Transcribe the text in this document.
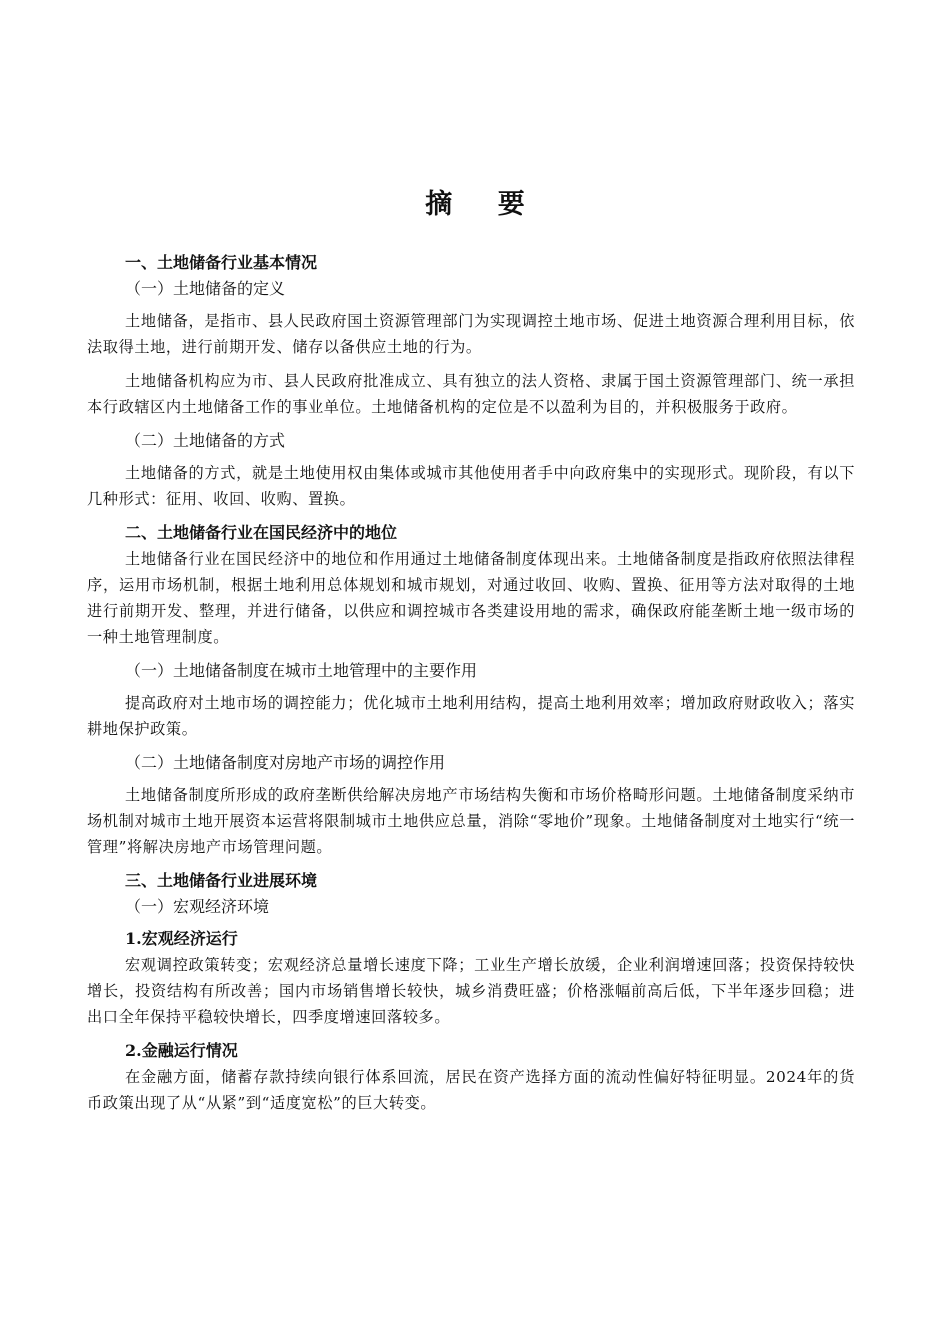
摘 要
一、土地储备行业基本情况
（一）土地储备的定义

土地储备，是指市、县人民政府国土资源管理部门为实现调控土地市场、促进土地资源合理利用目标，依法取得土地，进行前期开发、储存以备供应土地的行为。

土地储备机构应为市、县人民政府批准成立、具有独立的法人资格、隶属于国土资源管理部门、统一承担本行政辖区内土地储备工作的事业单位。土地储备机构的定位是不以盈利为目的，并积极服务于政府。

（二）土地储备的方式

土地储备的方式，就是土地使用权由集体或城市其他使用者手中向政府集中的实现形式。现阶段，有以下几种形式：征用、收回、收购、置换。

二、土地储备行业在国民经济中的地位

土地储备行业在国民经济中的地位和作用通过土地储备制度体现出来。土地储备制度是指政府依照法律程序，运用市场机制，根据土地利用总体规划和城市规划，对通过收回、收购、置换、征用等方法对取得的土地进行前期开发、整理，并进行储备，以供应和调控城市各类建设用地的需求，确保政府能垄断土地一级市场的一种土地管理制度。

（一）土地储备制度在城市土地管理中的主要作用

提高政府对土地市场的调控能力；优化城市土地利用结构，提高土地利用效率；增加政府财政收入；落实耕地保护政策。

（二）土地储备制度对房地产市场的调控作用

土地储备制度所形成的政府垄断供给解决房地产市场结构失衡和市场价格畸形问题。土地储备制度采纳市场机制对城市土地开展资本运营将限制城市土地供应总量，消除“零地价”现象。土地储备制度对土地实行“统一管理”将解决房地产市场管理问题。

三、土地储备行业进展环境
（一）宏观经济环境
1.宏观经济运行

宏观调控政策转变；宏观经济总量增长速度下降；工业生产增长放缓，企业利润增速回落；投资保持较快增长，投资结构有所改善；国内市场销售增长较快，城乡消费旺盛；价格涨幅前高后低，下半年逐步回稳；进出口全年保持平稳较快增长，四季度增速回落较多。

2.金融运行情况

在金融方面，储蓄存款持续向银行体系回流，居民在资产选择方面的流动性偏好特征明显。2024年的货币政策出现了从“从紧”到“适度宽松”的巨大转变。
